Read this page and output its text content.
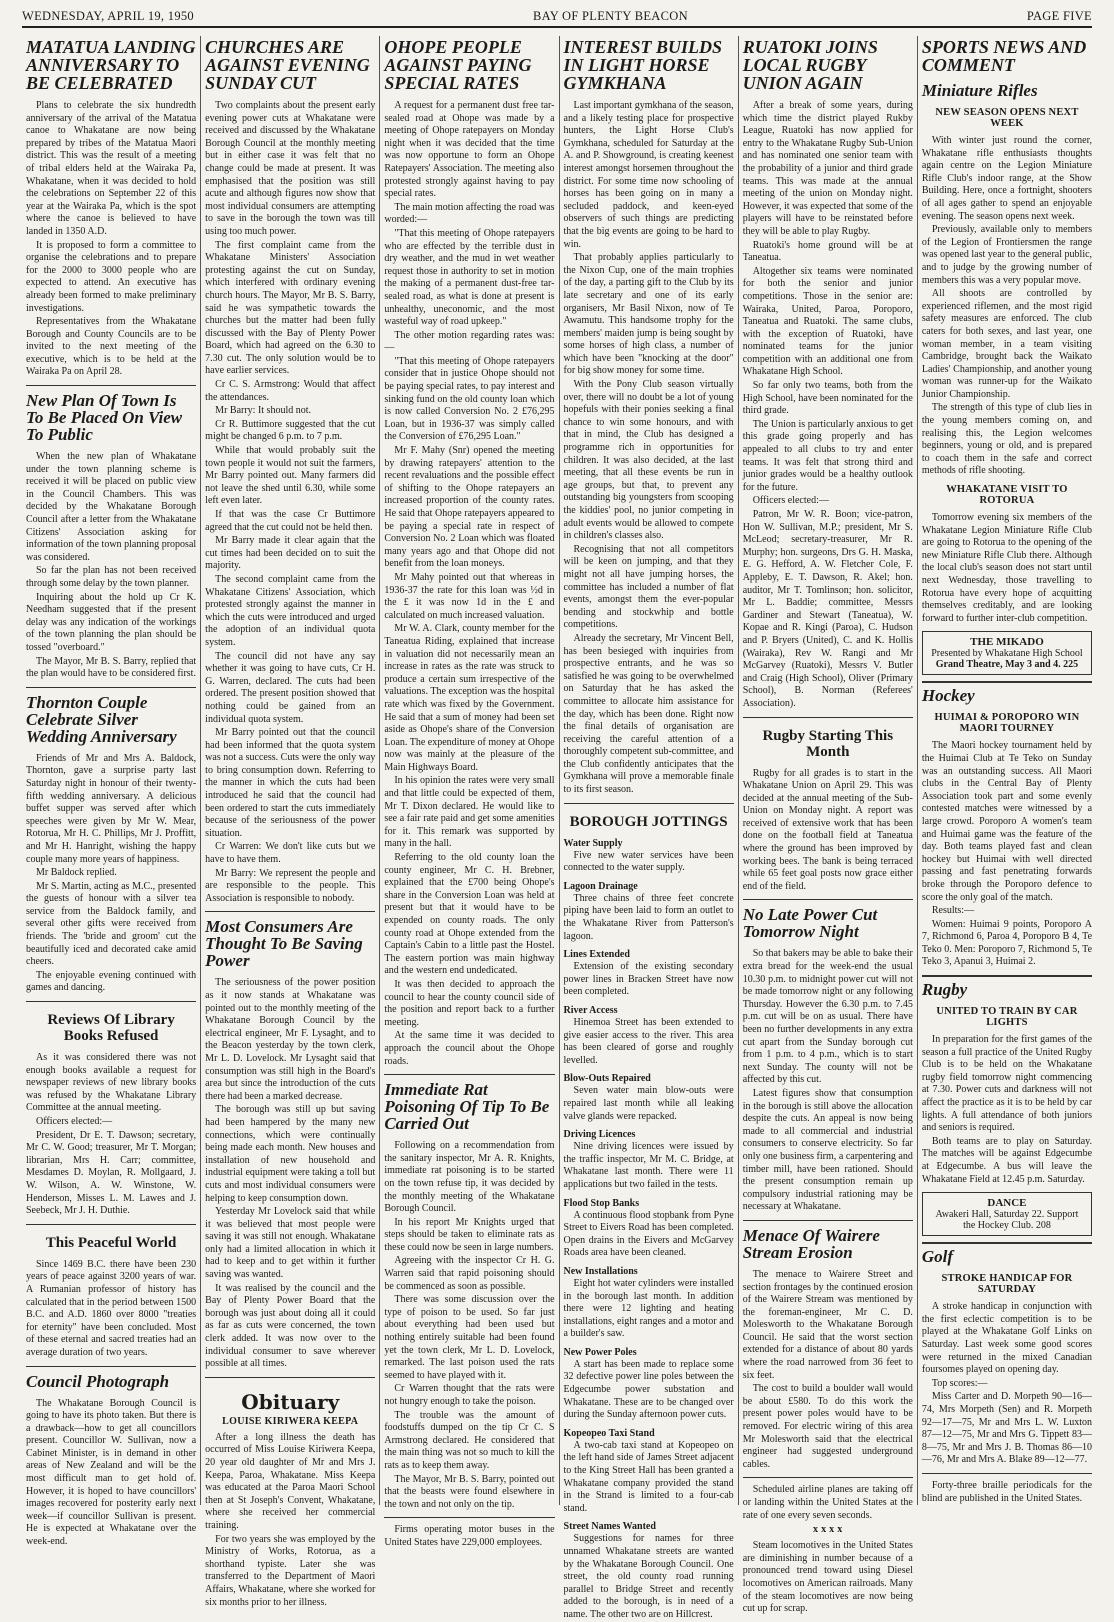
WEDNESDAY, APRIL 19, 1950	BAY OF PLENTY BEACON	PAGE FIVE
MATATUA LANDING ANNIVERSARY TO BE CELEBRATED

Plans to celebrate the six hundredth anniversary of the arrival of the Matatua canoe to Whakatane are now being prepared by tribes of the Matatua Maori district. This was the result of a meeting of tribal elders held at the Wairaka Pa, Whakatane, when it was decided to hold the celebrations on September 22 of this year at the Wairaka Pa, which is the spot where the canoe is believed to have landed in 1350 A.D.

It is proposed to form a committee to organise the celebrations and to prepare for the 2000 to 3000 people who are expected to attend. An executive has already been formed to make preliminary investigations.

Representatives from the Whakatane Borough and County Councils are to be invited to the next meeting of the executive, which is to be held at the Wairaka Pa on April 28.

New Plan Of Town Is To Be Placed On View To Public

When the new plan of Whakatane under the town planning scheme is received it will be placed on public view in the Council Chambers. This was decided by the Whakatane Borough Council after a letter from the Whakatane Citizens' Association asking for information of the town planning proposal was considered.

So far the plan has not been received through some delay by the town planner.

Inquiring about the hold up Cr K. Needham suggested that if the present delay was any indication of the workings of the town planning the plan should be tossed "overboard."

The Mayor, Mr B. S. Barry, replied that the plan would have to be considered first.

Thornton Couple Celebrate Silver Wedding Anniversary

Friends of Mr and Mrs A. Baldock, Thornton, gave a surprise party last Saturday night in honour of their twenty-fifth wedding anniversary. A delicious buffet supper was served after which speeches were given by Mr W. Mear, Rotorua, Mr H. C. Phillips, Mr J. Proffitt, and Mr H. Hanright, wishing the happy couple many more years of happiness.

Mr Baldock replied.

Mr S. Martin, acting as M.C., presented the guests of honour with a silver tea service from the Baldock family, and several other gifts were received from friends. The 'bride and groom' cut the beautifully iced and decorated cake amid cheers.

The enjoyable evening continued with games and dancing.

Reviews Of Library Books Refused

As it was considered there was not enough books available a request for newspaper reviews of new library books was refused by the Whakatane Library Committee at the annual meeting.

Officers elected:—

President, Dr E. T. Dawson; secretary, Mr C. W. Good; treasurer, Mr T. Morgan; librarian, Mrs H. Carr; committee, Mesdames D. Moylan, R. Mollgaard, J. W. Wilson, A. W. Winstone, W. Henderson, Misses L. M. Lawes and J. Seebeck, Mr J. H. Duthie.

This Peaceful World

Since 1469 B.C. there have been 230 years of peace against 3200 years of war. A Rumanian professor of history has calculated that in the period between 1500 B.C. and A.D. 1860 over 8000 "treaties for eternity" have been concluded. Most of these eternal and sacred treaties had an average duration of two years.

Council Photograph

The Whakatane Borough Council is going to have its photo taken. But there is a drawback—how to get all councillors present. Councillor W. Sullivan, now a Cabinet Minister, is in demand in other areas of New Zealand and will be the most difficult man to get hold of. However, it is hoped to have councillors' images recovered for posterity early next week—if councillor Sullivan is present. He is expected at Whakatane over the week-end.

CHURCHES ARE AGAINST EVENING SUNDAY CUT

Two complaints about the present early evening power cuts at Whakatane were received and discussed by the Whakatane Borough Council at the monthly meeting but in either case it was felt that no change could be made at present. It was emphasised that the position was still acute and although figures now show that most individual consumers are attempting to save in the borough the town was till using too much power.

The first complaint came from the Whakatane Ministers' Association protesting against the cut on Sunday, which interfered with ordinary evening church hours. The Mayor, Mr B. S. Barry, said he was sympathetic towards the churches but the matter had been fully discussed with the Bay of Plenty Power Board, which had agreed on the 6.30 to 7.30 cut. The only solution would be to have earlier services.

Cr C. S. Armstrong: Would that affect the attendances.

Mr Barry: It should not.

Cr R. Buttimore suggested that the cut might be changed 6 p.m. to 7 p.m.

While that would probably suit the town people it would not suit the farmers, Mr Barry pointed out. Many farmers did not leave the shed until 6.30, while some left even later.

If that was the case Cr Buttimore agreed that the cut could not be held then.

Mr Barry made it clear again that the cut times had been decided on to suit the majority.

The second complaint came from the Whakatane Citizens' Association, which protested strongly against the manner in which the cuts were introduced and urged the adoption of an individual quota system.

The council did not have any say whether it was going to have cuts, Cr H. G. Warren, declared. The cuts had been ordered. The present position showed that nothing could be gained from an individual quota system.

Mr Barry pointed out that the council had been informed that the quota system was not a success. Cuts were the only way to bring consumption down. Referring to the manner in which the cuts had been introduced he said that the council had been ordered to start the cuts immediately because of the seriousness of the power situation.

Cr Warren: We don't like cuts but we have to have them.

Mr Barry: We represent the people and are responsible to the people. This Association is responsible to nobody.

Most Consumers Are Thought To Be Saving Power

The seriousness of the power position as it now stands at Whakatane was pointed out to the monthly meeting of the Whakatane Borough Council by the electrical engineer, Mr F. Lysaght, and to the Beacon yesterday by the town clerk, Mr L. D. Lovelock. Mr Lysaght said that consumption was still high in the Board's area but since the introduction of the cuts there had been a marked decrease.

The borough was still up but saving had been hampered by the many new connections, which were continually being made each month. New houses and installation of new household and industrial equipment were taking a toll but cuts and most individual consumers were helping to keep consumption down.

Yesterday Mr Lovelock said that while it was believed that most people were saving it was still not enough. Whakatane only had a limited allocation in which it had to keep and to get within it further saving was wanted.

It was realised by the council and the Bay of Plenty Power Board that the borough was just about doing all it could as far as cuts were concerned, the town clerk added. It was now over to the individual consumer to save wherever possible at all times.

Obituary
LOUISE KIRIWERA KEEPA

After a long illness the death has occurred of Miss Louise Kiriwera Keepa, 20 year old daughter of Mr and Mrs J. Keepa, Paroa, Whakatane. Miss Keepa was educated at the Paroa Maori School then at St Joseph's Convent, Whakatane, where she received her commercial training.

For two years she was employed by the Ministry of Works, Rotorua, as a shorthand typiste. Later she was transferred to the Department of Maori Affairs, Whakatane, where she worked for six months prior to her illness.

OHOPE PEOPLE AGAINST PAYING SPECIAL RATES

A request for a permanent dust free tar-sealed road at Ohope was made by a meeting of Ohope ratepayers on Monday night when it was decided that the time was now opportune to form an Ohope Ratepayers' Association. The meeting also protested strongly against having to pay special rates.

The main motion affecting the road was worded:—

"That this meeting of Ohope ratepayers who are effected by the terrible dust in dry weather, and the mud in wet weather request those in authority to set in motion the making of a permanent dust-free tar-sealed road, as what is done at present is unhealthy, uneconomic, and the most wasteful way of road upkeep."

The other motion regarding rates was:—

"That this meeting of Ohope ratepayers consider that in justice Ohope should not be paying special rates, to pay interest and sinking fund on the old county loan which is now called Conversion No. 2 £76,295 Loan, but in 1936-37 was simply called the Conversion of £76,295 Loan."

Mr F. Mahy (Snr) opened the meeting by drawing ratepayers' attention to the recent revaluations and the possible effect of shifting to the Ohope ratepayers an increased proportion of the county rates. He said that Ohope ratepayers appeared to be paying a special rate in respect of Conversion No. 2 Loan which was floated many years ago and that Ohope did not benefit from the loan moneys.

Mr Mahy pointed out that whereas in 1936-37 the rate for this loan was ½d in the £ it was now 1d in the £ and calculated on much increased valuation.

Mr W. A. Clark, county member for the Taneatua Riding, explained that increase in valuation did not necessarily mean an increase in rates as the rate was struck to produce a certain sum irrespective of the valuations. The exception was the hospital rate which was fixed by the Government. He said that a sum of money had been set aside as Ohope's share of the Conversion Loan. The expenditure of money at Ohope now was mainly at the pleasure of the Main Highways Board.

In his opinion the rates were very small and that little could be expected of them, Mr T. Dixon declared. He would like to see a fair rate paid and get some amenities for it. This remark was supported by many in the hall.

Referring to the old county loan the county engineer, Mr C. H. Brebner, explained that the £700 being Ohope's share in the Conversion Loan was held at present but that it would have to be expended on county roads. The only county road at Ohope extended from the Captain's Cabin to a little past the Hostel. The eastern portion was main highway and the western end undedicated.

It was then decided to approach the council to hear the county council side of the position and report back to a further meeting.

At the same time it was decided to approach the council about the Ohope roads.

Immediate Rat Poisoning Of Tip To Be Carried Out

Following on a recommendation from the sanitary inspector, Mr A. R. Knights, immediate rat poisoning is to be started on the town refuse tip, it was decided by the monthly meeting of the Whakatane Borough Council.

In his report Mr Knights urged that steps should be taken to eliminate rats as these could now be seen in large numbers.

Agreeing with the inspector Cr H. G. Warren said that rapid poisoning should be commenced as soon as possible.

There was some discussion over the type of poison to be used. So far just about everything had been used but nothing entirely suitable had been found yet the town clerk, Mr L. D. Lovelock, remarked. The last poison used the rats seemed to have played with it.

Cr Warren thought that the rats were not hungry enough to take the poison.

The trouble was the amount of foodstuffs dumped on the tip Cr C. S Armstrong declared. He considered that the main thing was not so much to kill the rats as to keep them away.

The Mayor, Mr B. S. Barry, pointed out that the beasts were found elsewhere in the town and not only on the tip.

Firms operating motor buses in the United States have 229,000 employees.

INTEREST BUILDS IN LIGHT HORSE GYMKHANA

Last important gymkhana of the season, and a likely testing place for prospective hunters, the Light Horse Club's Gymkhana, scheduled for Saturday at the A. and P. Showground, is creating keenest interest amongst horsemen throughout the district. For some time now schooling of horses has been going on in many a secluded paddock, and keen-eyed observers of such things are predicting that the big events are going to be hard to win.

That probably applies particularly to the Nixon Cup, one of the main trophies of the day, a parting gift to the Club by its late secretary and one of its early organisers, Mr Basil Nixon, now of Te Awamutu. This handsome trophy for the members' maiden jump is being sought by some horses of high class, a number of which have been "knocking at the door" for big show money for some time.

With the Pony Club season virtually over, there will no doubt be a lot of young hopefuls with their ponies seeking a final chance to win some honours, and with that in mind, the Club has designed a programme rich in opportunities for children. It was also decided, at the last meeting, that all these events be run in age groups, but that, to prevent any outstanding big youngsters from scooping the kiddies' pool, no junior competing in adult events would be allowed to compete in children's classes also.

Recognising that not all competitors will be keen on jumping, and that they might not all have jumping horses, the committee has included a number of flat events, amongst them the ever-popular bending and stockwhip and bottle competitions.

Already the secretary, Mr Vincent Bell, has been besieged with inquiries from prospective entrants, and he was so satisfied he was going to be overwhelmed on Saturday that he has asked the committee to allocate him assistance for the day, which has been done. Right now the final details of organisation are receiving the careful attention of a thoroughly competent sub-committee, and the Club confidently anticipates that the Gymkhana will prove a memorable finale to its first season.

BOROUGH JOTTINGS
Water Supply

Five new water services have been connected to the water supply.

Lagoon Drainage

Three chains of three feet concrete piping have been laid to form an outlet to the Whakatane River from Patterson's lagoon.

Lines Extended

Extension of the existing secondary power lines in Bracken Street have now been completed.

River Access

Hinemoa Street has been extended to give easier access to the river. This area has been cleared of gorse and roughly levelled.

Blow-Outs Repaired

Seven water main blow-outs were repaired last month while all leaking valve glands were repacked.

Driving Licences

Nine driving licences were issued by the traffic inspector, Mr M. C. Bridge, at Whakatane last month. There were 11 applications but two failed in the tests.

Flood Stop Banks

A continuous flood stopbank from Pyne Street to Eivers Road has been completed. Open drains in the Eivers and McGarvey Roads area have been cleaned.

New Installations

Eight hot water cylinders were installed in the borough last month. In addition there were 12 lighting and heating installations, eight ranges and a motor and a builder's saw.

New Power Poles

A start has been made to replace some 32 defective power line poles between the Edgecumbe power substation and Whakatane. These are to be changed over during the Sunday afternoon power cuts.

Kopeopeo Taxi Stand

A two-cab taxi stand at Kopeopeo on the left hand side of James Street adjacent to the King Street Hall has been granted a Whakatane company provided the stand in the Strand is limited to a four-cab stand.

Street Names Wanted

Suggestions for names for three unnamed Whakatane streets are wanted by the Whakatane Borough Council. One street, the old county road running parallel to Bridge Street and recently added to the borough, is in need of a name. The other two are on Hillcrest.

RUATOKI JOINS LOCAL RUGBY UNION AGAIN

After a break of some years, during which time the district played Rukby League, Ruatoki has now applied for entry to the Whakatane Rugby Sub-Union and has nominated one senior team with the probability of a junior and third grade teams. This was made at the annual meeting of the union on Monday night. However, it was expected that some of the players will have to be reinstated before they will be able to play Rugby.

Ruatoki's home ground will be at Taneatua.

Altogether six teams were nominated for both the senior and junior competitions. Those in the senior are: Wairaka, United, Paroa, Poroporo, Taneatua and Ruatoki. The same clubs, with the exception of Ruatoki, have nominated teams for the junior competition with an additional one from Whakatane High School.

So far only two teams, both from the High School, have been nominated for the third grade.

The Union is particularly anxious to get this grade going properly and has appealed to all clubs to try and enter teams. It was felt that strong third and junior grades would be a healthy outlook for the future.

Officers elected:—

Patron, Mr W. R. Boon; vice-patron, Hon W. Sullivan, M.P.; president, Mr S. McLeod; secretary-treasurer, Mr R. Murphy; hon. surgeons, Drs G. H. Maska, E. G. Hefford, A. W. Fletcher Cole, F. Appleby, E. T. Dawson, R. Akel; hon. auditor, Mr T. Tomlinson; hon. solicitor, Mr L. Baddie; committee, Messrs Gardiner and Stewart (Taneatua), W. Kopae and R. Kingi (Paroa), C. Hudson and P. Bryers (United), C. and K. Hollis (Wairaka), Rev W. Rangi and Mr McGarvey (Ruatoki), Messrs V. Butler and Craig (High School), Oliver (Primary School), B. Norman (Referees' Association).

Rugby Starting This Month

Rugby for all grades is to start in the Whakatane Union on April 29. This was decided at the annual meeting of the Sub-Union on Monday night. A report was received of extensive work that has been done on the football field at Taneatua where the ground has been improved by working bees. The bank is being terraced while 65 feet goal posts now grace either end of the field.

No Late Power Cut Tomorrow Night

So that bakers may be able to bake their extra bread for the week-end the usual 10.30 p.m. to midnight power cut will not be made tomorrow night or any following Thursday. However the 6.30 p.m. to 7.45 p.m. cut will be on as usual. There have been no further developments in any extra cut apart from the Sunday borough cut from 1 p.m. to 4 p.m., which is to start next Sunday. The county will not be affected by this cut.

Latest figures show that consumption in the borough is still above the allocation despite the cuts. An appeal is now being made to all commercial and industrial consumers to conserve electricity. So far only one business firm, a carpentering and timber mill, have been rationed. Should the present consumption remain up compulsory industrial rationing may be necessary at Whakatane.

Menace Of Wairere Stream Erosion

The menace to Wairere Street and section frontages by the continued erosion of the Wairere Stream was mentioned by the foreman-engineer, Mr C. D. Molesworth to the Whakatane Borough Council. He said that the worst section extended for a distance of about 80 yards where the road narrowed from 36 feet to six feet.

The cost to build a boulder wall would be about £580. To do this work the present power poles would have to be removed. For electric wiring of this area Mr Molesworth said that the electrical engineer had suggested underground cables.

Scheduled airline planes are taking off or landing within the United States at the rate of one every seven seconds.

x x x x

Steam locomotives in the United States are diminishing in number because of a pronounced trend toward using Diesel locomotives on American railroads. Many of the steam locomotives are now being cut up for scrap.

SPORTS NEWS AND COMMENT
Miniature Rifles
NEW SEASON OPENS NEXT WEEK

With winter just round the corner, Whakatane rifle enthusiasts thoughts again centre on the Legion Miniature Rifle Club's indoor range, at the Show Building. Here, once a fortnight, shooters of all ages gather to spend an enjoyable evening. The season opens next week.

Previously, available only to members of the Legion of Frontiersmen the range was opened last year to the general public, and to judge by the growing number of members this was a very popular move.

All shoots are controlled by experienced riflemen, and the most rigid safety measures are enforced. The club caters for both sexes, and last year, one woman member, in a team visiting Cambridge, brought back the Waikato Ladies' Championship, and another young woman was runner-up for the Waikato Junior Championship.

The strength of this type of club lies in the young members coming on, and realising this, the Legion welcomes beginners, young or old, and is prepared to coach them in the safe and correct methods of rifle shooting.

WHAKATANE VISIT TO ROTORUA

Tomorrow evening six members of the Whakatane Legion Miniature Rifle Club are going to Rotorua to the opening of the new Miniature Rifle Club there. Although the local club's season does not start until next Wednesday, those travelling to Rotorua have every hope of acquitting themselves creditably, and are looking forward to further inter-club competition.

THE MIKADO
Presented by Whakatane High School
Grand Theatre, May 3 and 4. 225
Hockey
HUIMAI & POROPORO WIN MAORI TOURNEY

The Maori hockey tournament held by the Huimai Club at Te Teko on Sunday was an outstanding success. All Maori clubs in the Central Bay of Plenty Association took part and some evenly contested matches were witnessed by a large crowd. Poroporo A women's team and Huimai game was the feature of the day. Both teams played fast and clean hockey but Huimai with well directed passing and fast penetrating forwards broke through the Poroporo defence to score the only goal of the match.

Results:—

Women: Huimai 9 points, Poroporo A 7, Richmond 6, Paroa 4, Poroporo B 4, Te Teko 0. Men: Poroporo 7, Richmond 5, Te Teko 3, Apanui 3, Huimai 2.

Rugby
UNITED TO TRAIN BY CAR LIGHTS

In preparation for the first games of the season a full practice of the United Rugby Club is to be held on the Whakatane rugby field tomorrow night commencing at 7.30. Power cuts and darkness will not affect the practice as it is to be held by car lights. A full attendance of both juniors and seniors is required.

Both teams are to play on Saturday. The matches will be against Edgecumbe at Edgecumbe. A bus will leave the Whakatane Field at 12.45 p.m. Saturday.

DANCE
Awakeri Hall, Saturday 22. Support the Hockey Club. 208
Golf
STROKE HANDICAP FOR SATURDAY

A stroke handicap in conjunction with the first eclectic competition is to be played at the Whakatane Golf Links on Saturday. Last week some good scores were returned in the mixed Canadian foursomes played on opening day.

Top scores:—

Miss Carter and D. Morpeth 90—16—74, Mrs Morpeth (Sen) and R. Morpeth 92—17—75, Mr and Mrs L. W. Luxton 87—12—75, Mr and Mrs G. Tippett 83—8—75, Mr and Mrs J. B. Thomas 86—10—76, Mr and Mrs A. Blake 89—12—77.

Forty-three braille periodicals for the blind are published in the United States.
